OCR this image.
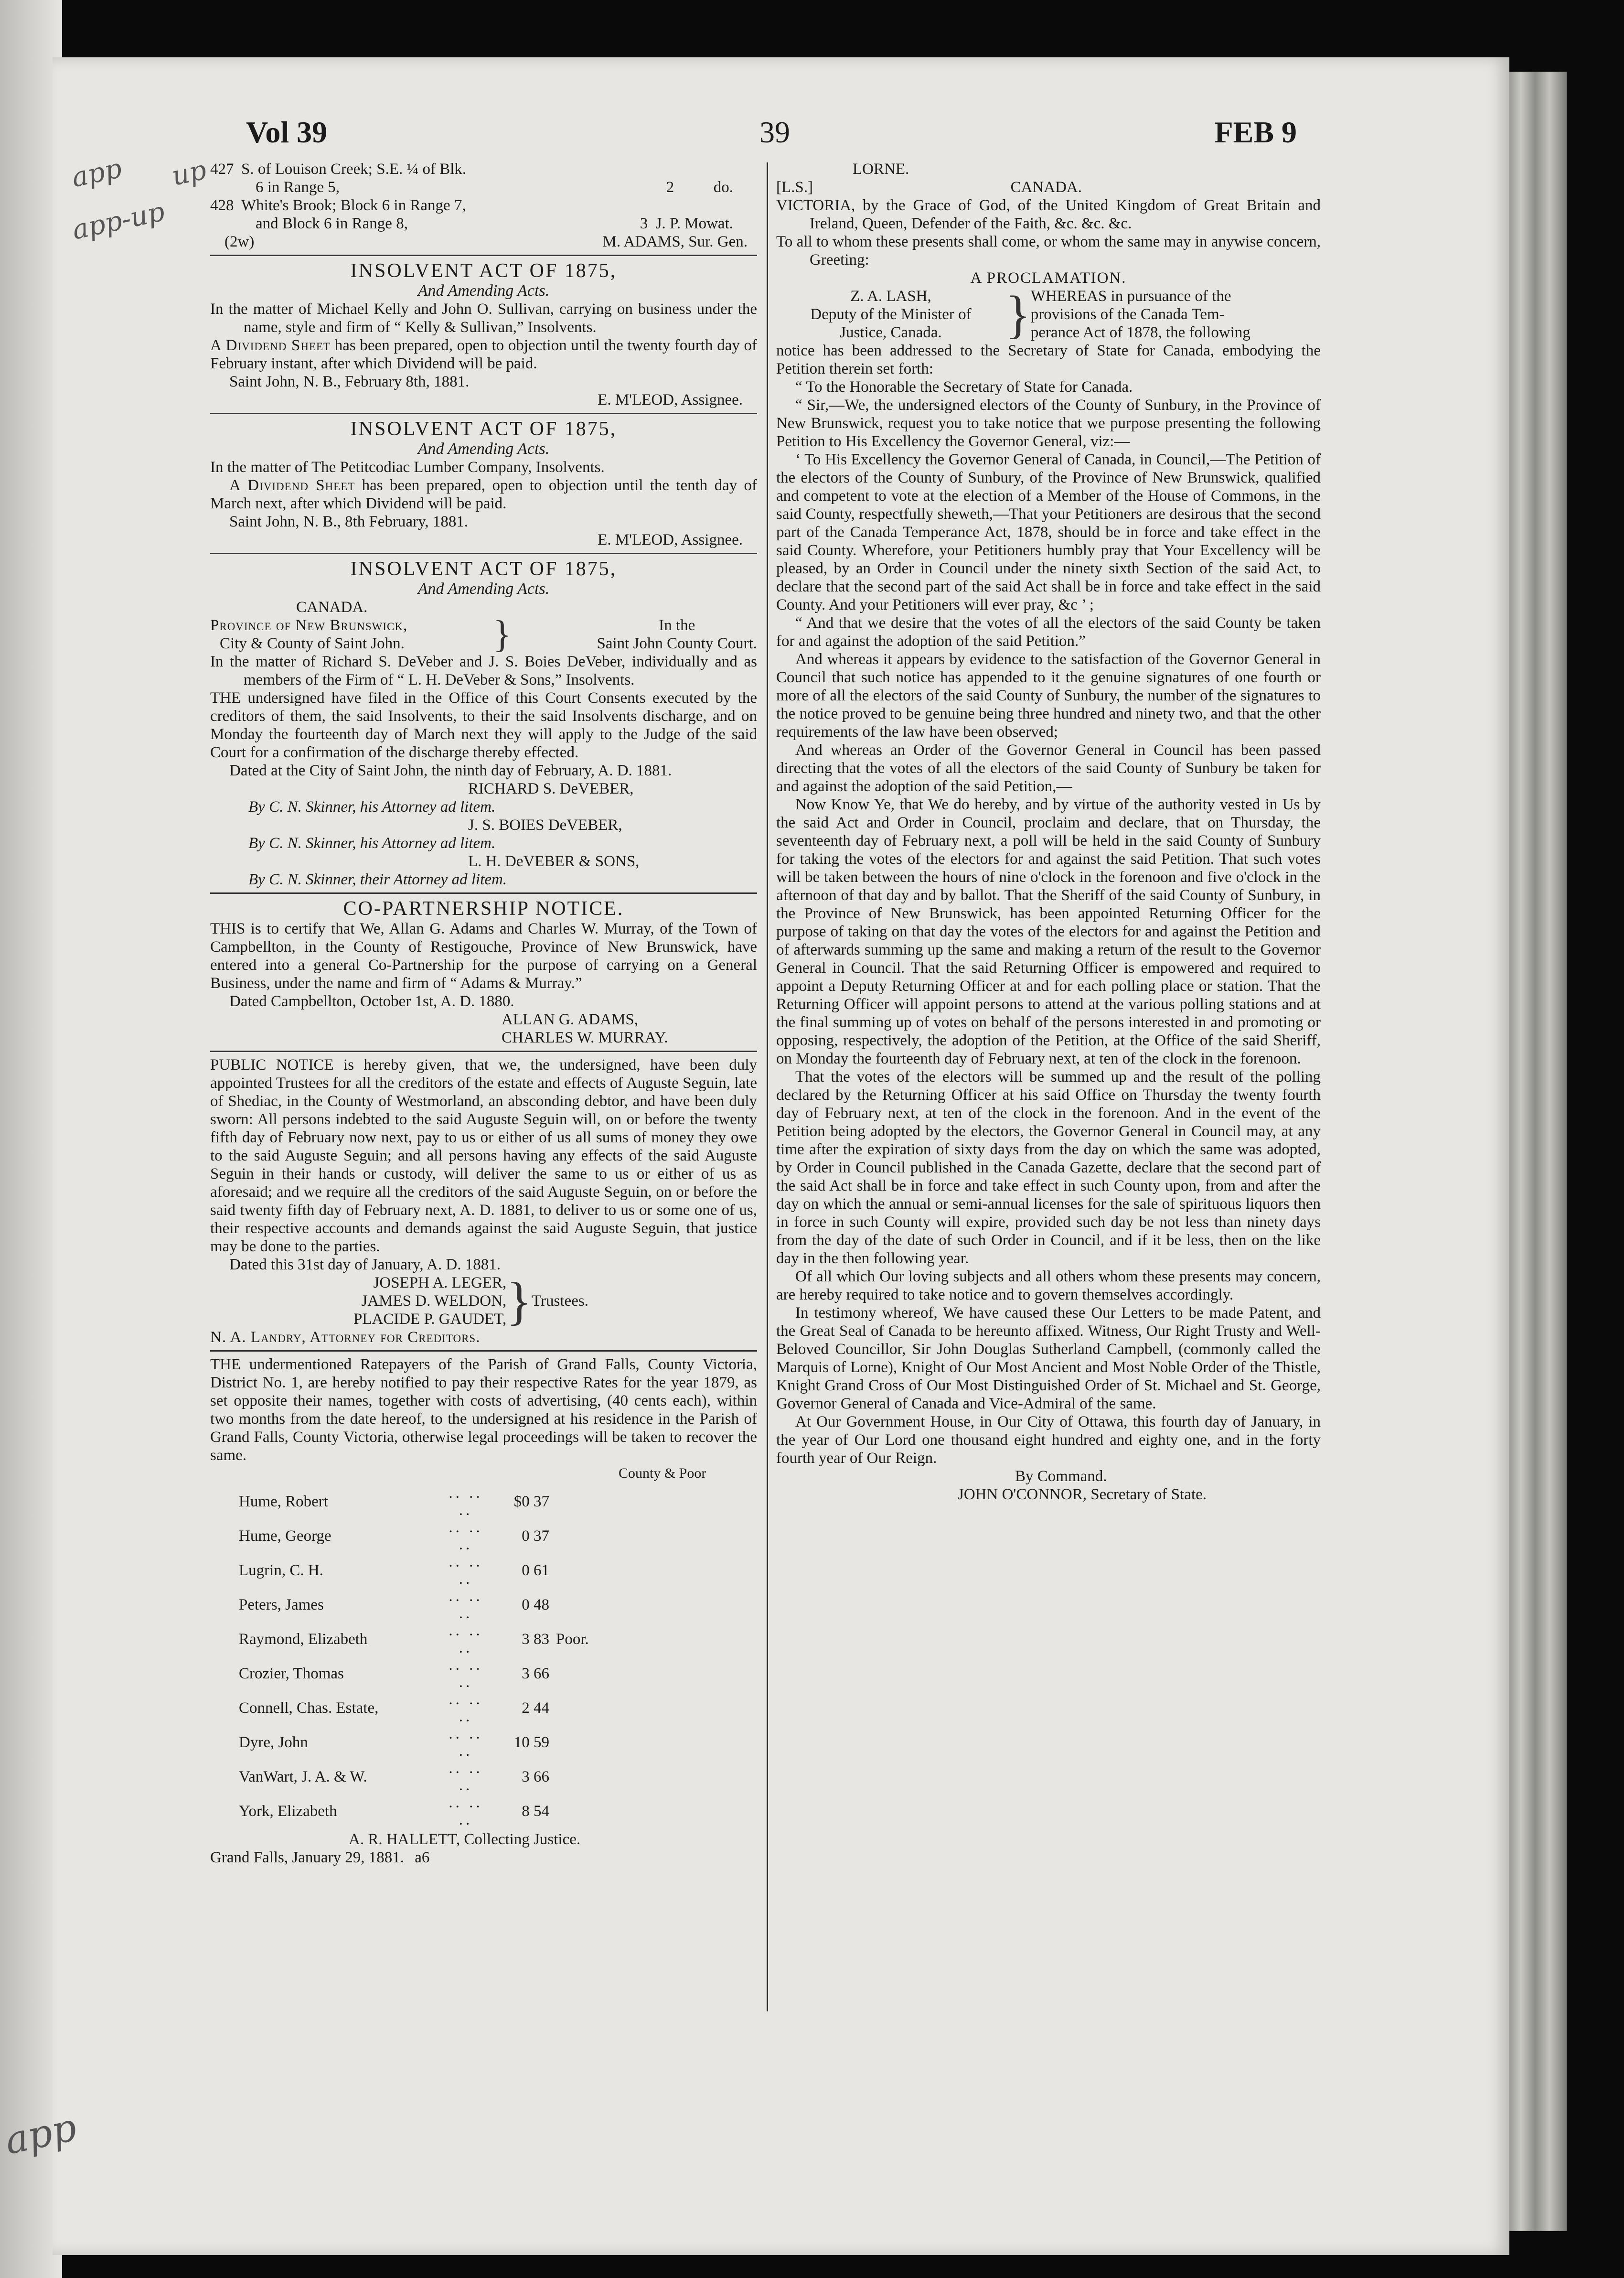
app up
app-up
app
Vol 39	39	FEB 9
427 S. of Louison Creek; S.E. ¼ of Blk.
6 in Range 5,	2          do.
428 White's Brook; Block 6 in Range 7,
and Block 6 in Range 8,	3  J. P. Mowat.
(2w)	M. ADAMS, Sur. Gen.
INSOLVENT ACT OF 1875,
And Amending Acts.

In the matter of Michael Kelly and John O. Sullivan, carrying on business under the name, style and firm of “ Kelly & Sullivan,” Insolvents.

A Dividend Sheet has been prepared, open to objection until the twenty fourth day of February instant, after which Dividend will be paid.

Saint John, N. B., February 8th, 1881.

E. M'LEOD, Assignee.
INSOLVENT ACT OF 1875,
And Amending Acts.

In the matter of The Petitcodiac Lumber Company, Insolvents.

A Dividend Sheet has been prepared, open to objection until the tenth day of March next, after which Dividend will be paid.

Saint John, N. B., 8th February, 1881.

E. M'LEOD, Assignee.
INSOLVENT ACT OF 1875,
And Amending Acts.
CANADA.
Province of New Brunswick,
City & County of Saint John. }	In the
Saint John County Court.

In the matter of Richard S. DeVeber and J. S. Boies DeVeber, individually and as members of the Firm of “ L. H. DeVeber & Sons,” Insolvents.

THE undersigned have filed in the Office of this Court Consents executed by the creditors of them, the said Insolvents, to their the said Insolvents discharge, and on Monday the fourteenth day of March next they will apply to the Judge of the said Court for a confirmation of the discharge thereby effected.

Dated at the City of Saint John, the ninth day of February, A. D. 1881.

RICHARD S. DeVEBER,
By C. N. Skinner, his Attorney ad litem.
J. S. BOIES DeVEBER,
By C. N. Skinner, his Attorney ad litem.
L. H. DeVEBER & SONS,
By C. N. Skinner, their Attorney ad litem.
CO-PARTNERSHIP NOTICE.

THIS is to certify that We, Allan G. Adams and Charles W. Murray, of the Town of Campbellton, in the County of Restigouche, Province of New Brunswick, have entered into a general Co-Partnership for the purpose of carrying on a General Business, under the name and firm of “ Adams & Murray.”

Dated Campbellton, October 1st, A. D. 1880.

ALLAN G. ADAMS,
CHARLES W. MURRAY.

PUBLIC NOTICE is hereby given, that we, the undersigned, have been duly appointed Trustees for all the creditors of the estate and effects of Auguste Seguin, late of Shediac, in the County of Westmorland, an absconding debtor, and have been duly sworn: All persons indebted to the said Auguste Seguin will, on or before the twenty fifth day of February now next, pay to us or either of us all sums of money they owe to the said Auguste Seguin; and all persons having any effects of the said Auguste Seguin in their hands or custody, will deliver the same to us or either of us as aforesaid; and we require all the creditors of the said Auguste Seguin, on or before the said twenty fifth day of February next, A. D. 1881, to deliver to us or some one of us, their respective accounts and demands against the said Auguste Seguin, that justice may be done to the parties.

Dated this 31st day of January, A. D. 1881.

JOSEPH A. LEGER,
JAMES D. WELDON,
PLACIDE P. GAUDET, } Trustees.
N. A. Landry, Attorney for Creditors.

THE undermentioned Ratepayers of the Parish of Grand Falls, County Victoria, District No. 1, are hereby notified to pay their respective Rates for the year 1879, as set opposite their names, together with costs of advertising, (40 cents each), within two months from the date hereof, to the undersigned at his residence in the Parish of Grand Falls, County Victoria, otherwise legal proceedings will be taken to recover the same.

County & Poor
Hume, Robert	.. .. ..	$0 37	
Hume, George	.. .. ..	0 37	
Lugrin, C. H.	.. .. ..	0 61	
Peters, James	.. .. ..	0 48	
Raymond, Elizabeth	.. .. ..	3 83	Poor.
Crozier, Thomas	.. .. ..	3 66	
Connell, Chas. Estate,	.. .. ..	2 44	
Dyre, John	.. .. ..	10 59	
VanWart, J. A. & W.	.. .. ..	3 66	
York, Elizabeth	.. .. ..	8 54	
A. R. HALLETT, Collecting Justice.
Grand Falls, January 29, 1881. a6
LORNE.
[L.S.]	CANADA.

VICTORIA, by the Grace of God, of the United Kingdom of Great Britain and Ireland, Queen, Defender of the Faith, &c. &c. &c.

To all to whom these presents shall come, or whom the same may in anywise concern, Greeting:

A PROCLAMATION.
Z. A. LASH,
Deputy of the Minister of
Justice, Canada.	} WHEREAS in pursuance of the
provisions of the Canada Tem-
perance Act of 1878, the following

notice has been addressed to the Secretary of State for Canada, embodying the Petition therein set forth:

“ To the Honorable the Secretary of State for Canada.

“ Sir,—We, the undersigned electors of the County of Sunbury, in the Province of New Brunswick, request you to take notice that we purpose presenting the following Petition to His Excellency the Governor General, viz:—

‘ To His Excellency the Governor General of Canada, in Council,—The Petition of the electors of the County of Sunbury, of the Province of New Brunswick, qualified and competent to vote at the election of a Member of the House of Commons, in the said County, respectfully sheweth,—That your Petitioners are desirous that the second part of the Canada Temperance Act, 1878, should be in force and take effect in the said County. Wherefore, your Petitioners humbly pray that Your Excellency will be pleased, by an Order in Council under the ninety sixth Section of the said Act, to declare that the second part of the said Act shall be in force and take effect in the said County. And your Petitioners will ever pray, &c ’ ;

“ And that we desire that the votes of all the electors of the said County be taken for and against the adoption of the said Petition.”

And whereas it appears by evidence to the satisfaction of the Governor General in Council that such notice has appended to it the genuine signatures of one fourth or more of all the electors of the said County of Sunbury, the number of the signatures to the notice proved to be genuine being three hundred and ninety two, and that the other requirements of the law have been observed;

And whereas an Order of the Governor General in Council has been passed directing that the votes of all the electors of the said County of Sunbury be taken for and against the adoption of the said Petition,—

Now Know Ye, that We do hereby, and by virtue of the authority vested in Us by the said Act and Order in Council, proclaim and declare, that on Thursday, the seventeenth day of February next, a poll will be held in the said County of Sunbury for taking the votes of the electors for and against the said Petition. That such votes will be taken between the hours of nine o'clock in the forenoon and five o'clock in the afternoon of that day and by ballot. That the Sheriff of the said County of Sunbury, in the Province of New Brunswick, has been appointed Returning Officer for the purpose of taking on that day the votes of the electors for and against the Petition and of afterwards summing up the same and making a return of the result to the Governor General in Council. That the said Returning Officer is empowered and required to appoint a Deputy Returning Officer at and for each polling place or station. That the Returning Officer will appoint persons to attend at the various polling stations and at the final summing up of votes on behalf of the persons interested in and promoting or opposing, respectively, the adoption of the Petition, at the Office of the said Sheriff, on Monday the fourteenth day of February next, at ten of the clock in the forenoon.

That the votes of the electors will be summed up and the result of the polling declared by the Returning Officer at his said Office on Thursday the twenty fourth day of February next, at ten of the clock in the forenoon. And in the event of the Petition being adopted by the electors, the Governor General in Council may, at any time after the expiration of sixty days from the day on which the same was adopted, by Order in Council published in the Canada Gazette, declare that the second part of the said Act shall be in force and take effect in such County upon, from and after the day on which the annual or semi-annual licenses for the sale of spirituous liquors then in force in such County will expire, provided such day be not less than ninety days from the day of the date of such Order in Council, and if it be less, then on the like day in the then following year.

Of all which Our loving subjects and all others whom these presents may concern, are hereby required to take notice and to govern themselves accordingly.

In testimony whereof, We have caused these Our Letters to be made Patent, and the Great Seal of Canada to be hereunto affixed. Witness, Our Right Trusty and Well-Beloved Councillor, Sir John Douglas Sutherland Campbell, (commonly called the Marquis of Lorne), Knight of Our Most Ancient and Most Noble Order of the Thistle, Knight Grand Cross of Our Most Distinguished Order of St. Michael and St. George, Governor General of Canada and Vice-Admiral of the same.

At Our Government House, in Our City of Ottawa, this fourth day of January, in the year of Our Lord one thousand eight hundred and eighty one, and in the forty fourth year of Our Reign.

By Command.
JOHN O'CONNOR, Secretary of State.
